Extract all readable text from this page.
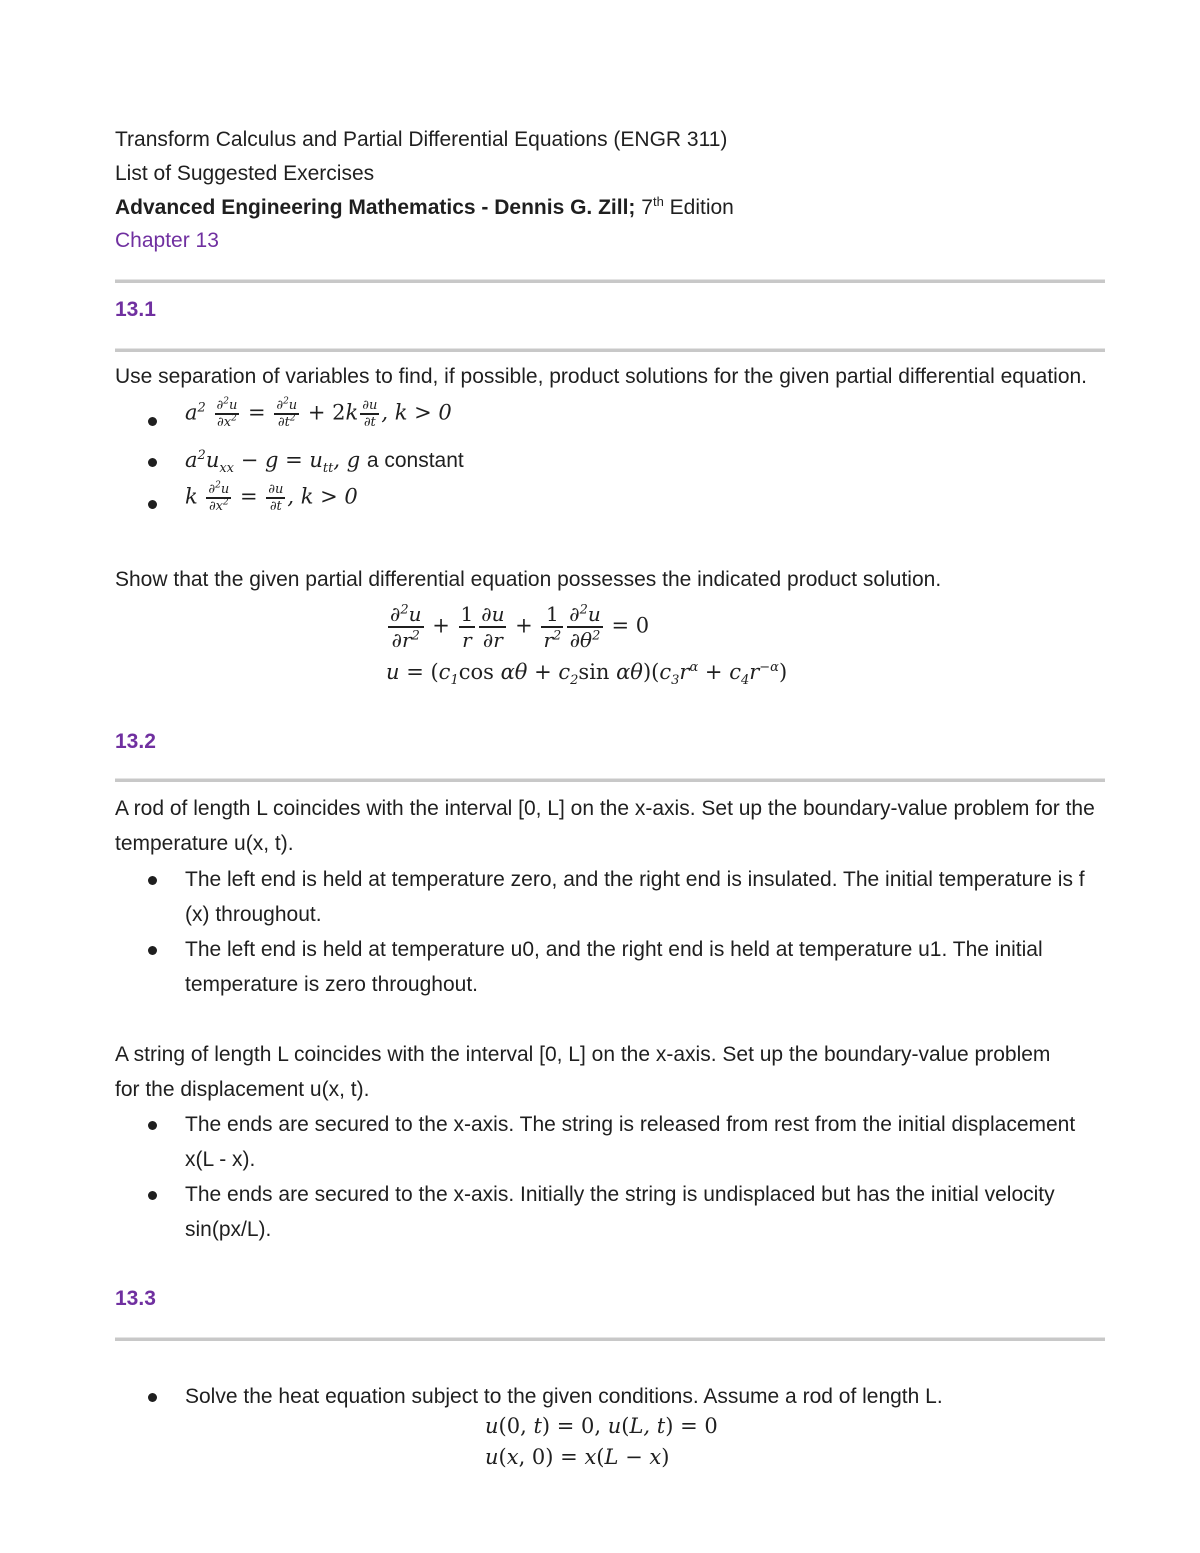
Transform Calculus and Partial Differential Equations (ENGR 311)
List of Suggested Exercises
Advanced Engineering Mathematics - Dennis G. Zill; 7th Edition
Chapter 13
13.1
Use separation of variables to find, if possible, product solutions for the given partial differential equation.
$a^2 \frac{\partial^2u}{\partial x^2} = \frac{\partial^2u}{\partial t^2} + 2k \frac{\partial u}{\partial t}$ , k > 0
$a^2u_{xx} - g = u_{tt}$, g a constant
k $\frac{\partial^2u}{\partial x^2} = \frac{\partial u}{\partial t}$ , k > 0
Show that the given partial differential equation possesses the indicated product solution.
$\frac{\partial^2u}{\partial r^2} + \frac{1}{r} \frac{\partial u}{\partial r} + \frac{1}{r^2} \frac{\partial^2u}{\partial\theta^2} = 0$
$u = (c_1\cos$ $\alpha\theta + c_2\sin$ $\alpha\theta)(c_3r^\alpha + c_4r^{-\alpha})$
13.2
A rod of length L coincides with the interval [0, L] on the x-axis. Set up the boundary-value problem for the temperature u(x, t).
The left end is held at temperature zero, and the right end is insulated. The initial temperature is f (x) throughout.
The left end is held at temperature u0, and the right end is held at temperature u1. The initial temperature is zero throughout.
A string of length L coincides with the interval [0, L] on the x-axis. Set up the boundary-value problem for the displacement u(x, t).
The ends are secured to the x-axis. The string is released from rest from the initial displacement x(L - x).
The ends are secured to the x-axis. Initially the string is undisplaced but has the initial velocity sin(px/L).
13.3
Solve the heat equation subject to the given conditions. Assume a rod of length L.
u(0, t) = 0, u(L, t) = 0
u(x, 0) = x(L − x)
